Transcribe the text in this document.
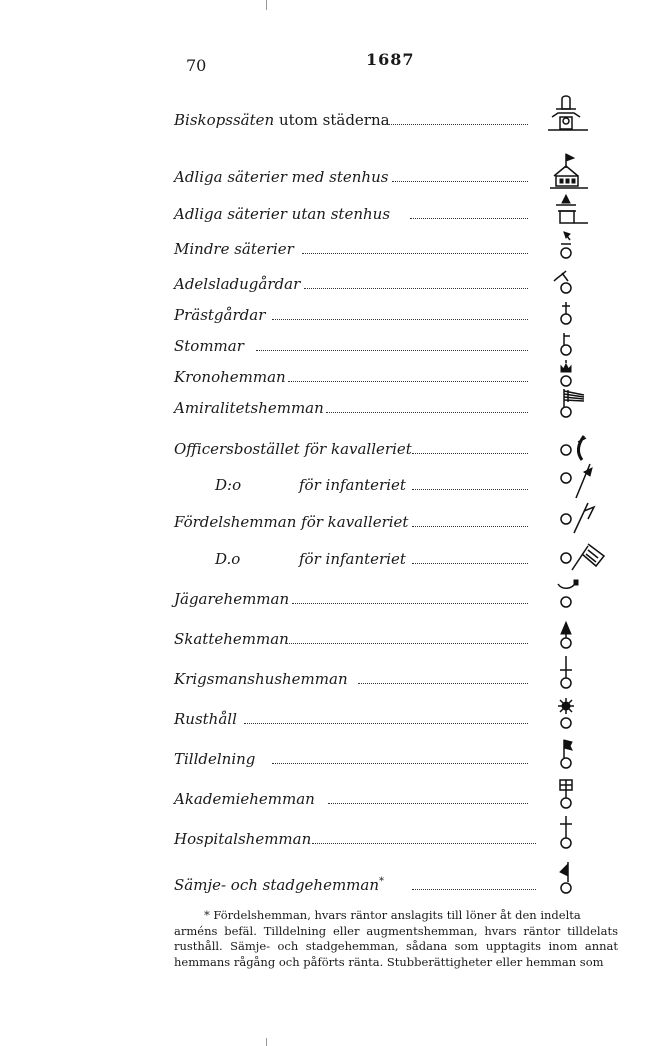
70	1687
Biskopssäten utom städerna
Adliga säterier med stenhus
Adliga säterier utan stenhus
Mindre säterier
Adelsladugårdar
Prästgårdar
Stommar
Kronohemman
Amiralitetshemman
Officersbostället för kavalleriet
D:o	för infanteriet
Fördelshemman för kavalleriet
D.o	för infanteriet
Jägarehemman
Skattehemman
Krigsmanshushemman
Rusthåll
Tilldelning
Akademiehemman
Hospitalshemman
Sämje- och stadgehemman*
* Fördelshemman, hvars räntor anslagits till löner åt den indelta arméns befäl. Tilldelning eller augmentshemman, hvars räntor tilldelats rusthåll. Sämje- och stadgehemman, sådana som upptagits inom annat hemmans rågång och påförts ränta. Stubberättigheter eller hemman som
